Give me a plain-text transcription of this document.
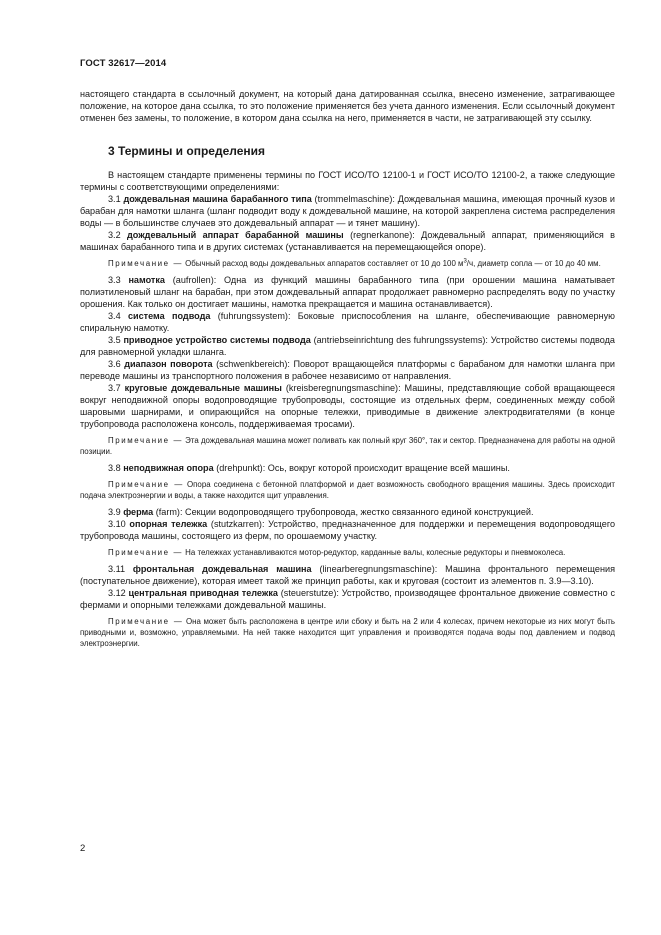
ГОСТ 32617—2014

настоящего стандарта в ссылочный документ, на который дана датированная ссылка, внесено изменение, затрагивающее положение, на которое дана ссылка, то это положение применяется без учета данного изменения. Если ссылочный документ отменен без замены, то положение, в котором дана ссылка на него, применяется в части, не затрагивающей эту ссылку.

3 Термины и определения

В настоящем стандарте применены термины по ГОСТ ИСО/ТО 12100-1 и ГОСТ ИСО/ТО 12100-2, а также следующие термины с соответствующими определениями:

3.1 дождевальная машина барабанного типа (trommelmaschine): Дождевальная машина, имеющая прочный кузов и барабан для намотки шланга (шланг подводит воду к дождевальной машине, на которой закреплена система распределения воды — в большинстве случаев это дождевальный аппарат — и тянет машину).

3.2 дождевальный аппарат барабанной машины (regnerkanone): Дождевальный аппарат, применяющийся в машинах барабанного типа и в других системах (устанавливается на перемещающейся опоре).

Примечание — Обычный расход воды дождевальных аппаратов составляет от 10 до 100 $м^3/ч$, диаметр сопла — от 10 до 40 мм.

3.3 намотка (aufrollen): Одна из функций машины барабанного типа (при орошении машина наматывает полиэтиленовый шланг на барабан, при этом дождевальный аппарат продолжает равномерно распределять воду по участку орошения. Как только он достигает машины, намотка прекращается и машина останавливается).

3.4 система подвода (fuhrungssystem): Боковые приспособления на шланге, обеспечивающие равномерную спиральную намотку.

3.5 приводное устройство системы подвода (antriebseinrichtung des fuhrungssystems): Устройство системы подвода для равномерной укладки шланга.

3.6 диапазон поворота (schwenkbereich): Поворот вращающейся платформы с барабаном для намотки шланга при переводе машины из транспортного положения в рабочее независимо от направления.

3.7 круговые дождевальные машины (kreisberegnungsmaschine): Машины, представляющие собой вращающееся вокруг неподвижной опоры водопроводящие трубопроводы, состоящие из отдельных ферм, соединенных между собой шаровыми шарнирами, и опирающийся на опорные тележки, приводимые в движение электродвигателями (в конце трубопровода расположена консоль, поддерживаемая тросами).

Примечание — Эта дождевальная машина может поливать как полный круг 360°, так и сектор. Предназначена для работы на одной позиции.

3.8 неподвижная опора (drehpunkt): Ось, вокруг которой происходит вращение всей машины.

Примечание — Опора соединена с бетонной платформой и дает возможность свободного вращения машины. Здесь происходит подача электроэнергии и воды, а также находится щит управления.

3.9 ферма (farm): Секции водопроводящего трубопровода, жестко связанного единой конструкцией.

3.10 опорная тележка (stutzkarren): Устройство, предназначенное для поддержки и перемещения водопроводящего трубопровода машины, состоящего из ферм, по орошаемому участку.

Примечание — На тележках устанавливаются мотор-редуктор, карданные валы, колесные редукторы и пневмоколеса.

3.11 фронтальная дождевальная машина (linearberegnungsmaschine): Машина фронтального перемещения (поступательное движение), которая имеет такой же принцип работы, как и круговая (состоит из элементов п. 3.9—3.10).

3.12 центральная приводная тележка (steuerstutze): Устройство, производящее фронтальное движение совместно с фермами и опорными тележками дождевальной машины.

Примечание — Она может быть расположена в центре или сбоку и быть на 2 или 4 колесах, причем некоторые из них могут быть приводными и, возможно, управляемыми. На ней также находится щит управления и производятся подача воды под давлением и подвод электроэнергии.

2
